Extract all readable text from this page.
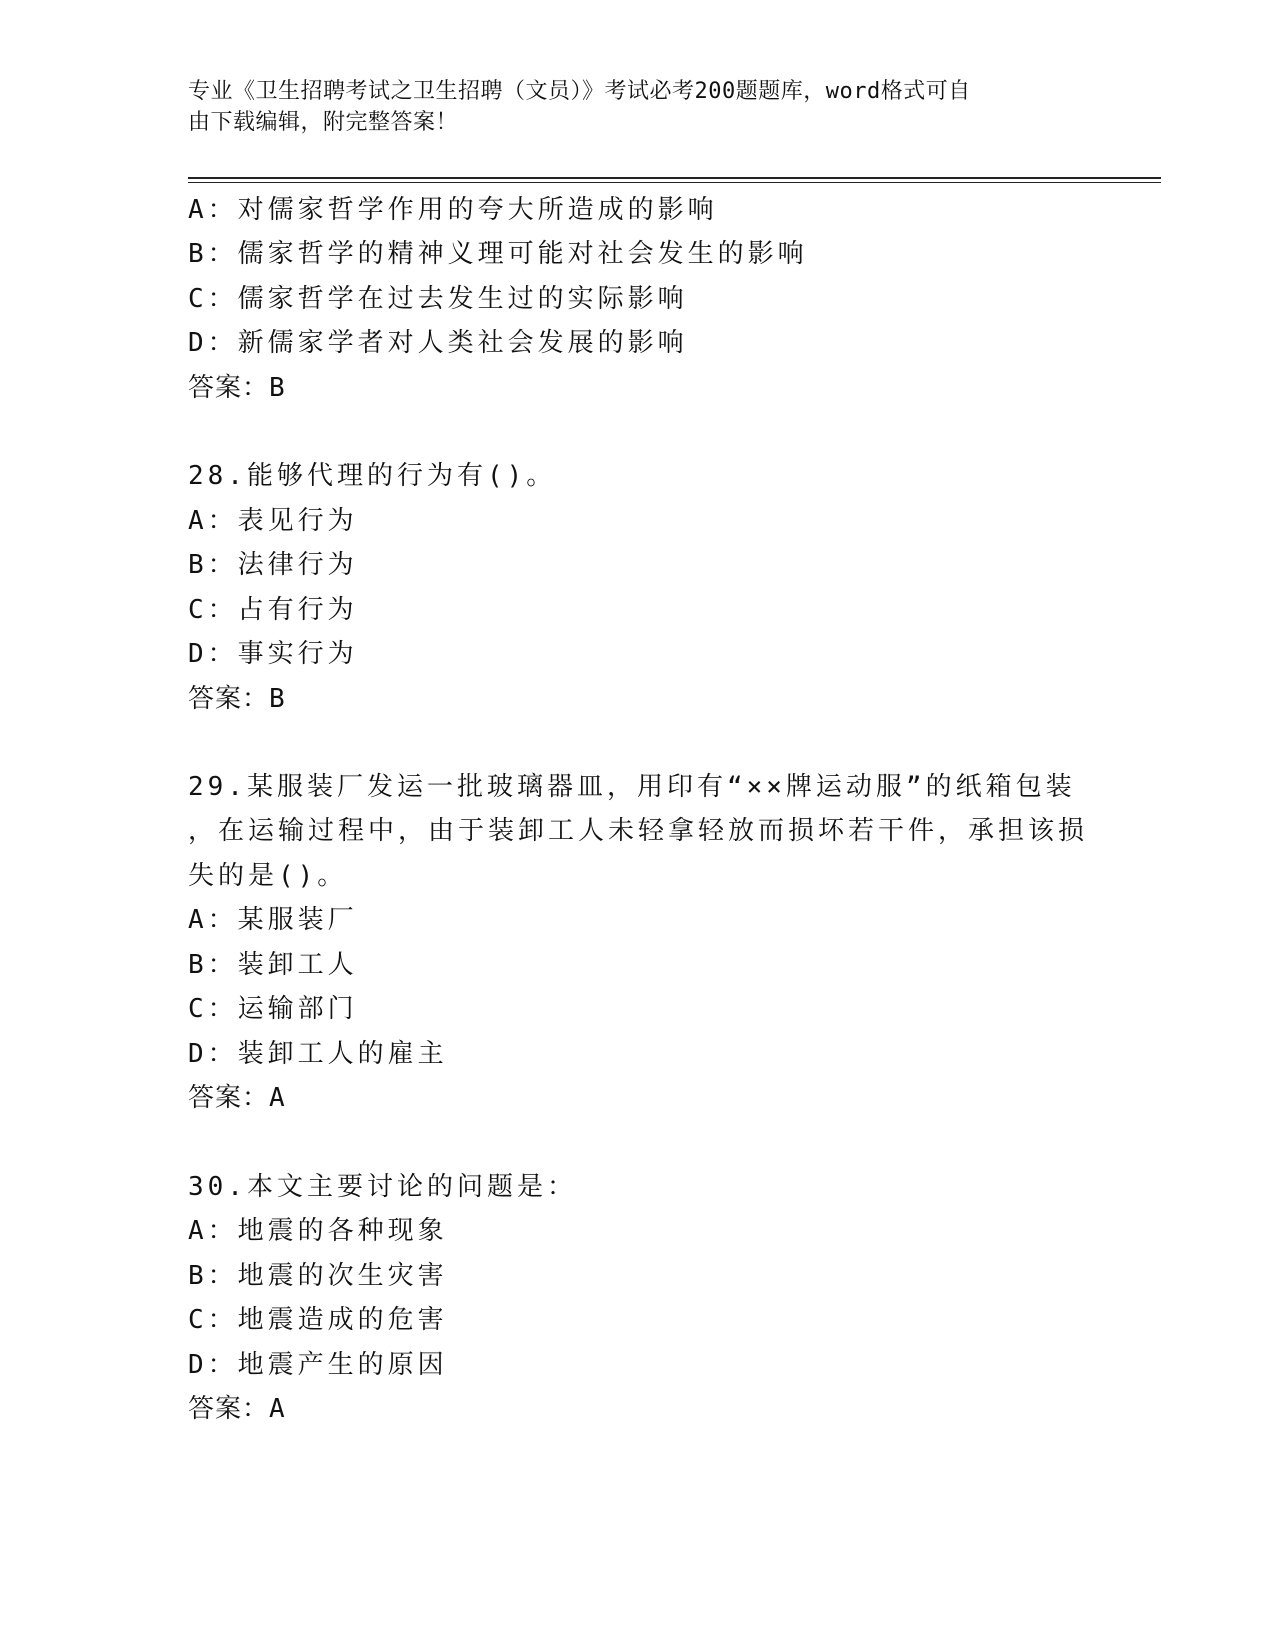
专业《卫生招聘考试之卫生招聘（文员）》考试必考200题题库，word格式可自
由下载编辑，附完整答案！
A：对儒家哲学作用的夸大所造成的影响
B：儒家哲学的精神义理可能对社会发生的影响
C：儒家哲学在过去发生过的实际影响
D：新儒家学者对人类社会发展的影响
答案：B
28.能够代理的行为有()。
A：表见行为
B：法律行为
C：占有行为
D：事实行为
答案：B
29.某服装厂发运一批玻璃器皿，用印有“××牌运动服”的纸箱包装
，在运输过程中，由于装卸工人未轻拿轻放而损坏若干件，承担该损
失的是()。
A：某服装厂
B：装卸工人
C：运输部门
D：装卸工人的雇主
答案：A
30.本文主要讨论的问题是：
A：地震的各种现象
B：地震的次生灾害
C：地震造成的危害
D：地震产生的原因
答案：A
